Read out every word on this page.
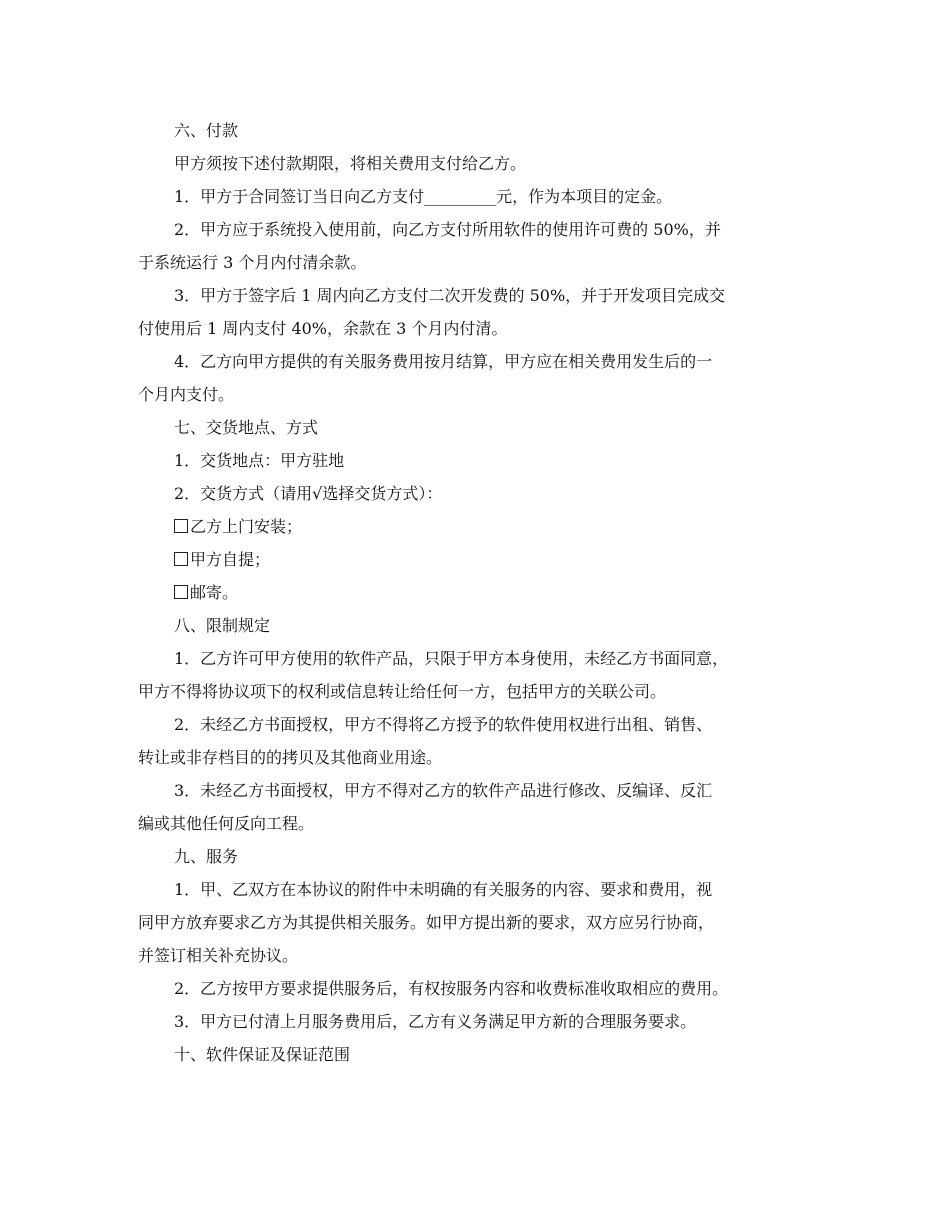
六、付款
甲方须按下述付款期限，将相关费用支付给乙方。
1．甲方于合同签订当日向乙方支付_________元，作为本项目的定金。
2．甲方应于系统投入使用前，向乙方支付所用软件的使用许可费的 50%，并
于系统运行 3 个月内付清余款。
3．甲方于签字后 1 周内向乙方支付二次开发费的 50%，并于开发项目完成交
付使用后 1 周内支付 40%，余款在 3 个月内付清。
4．乙方向甲方提供的有关服务费用按月结算，甲方应在相关费用发生后的一
个月内支付。
七、交货地点、方式
1．交货地点：甲方驻地
2．交货方式（请用√选择交货方式）：
乙方上门安装；
甲方自提；
邮寄。
八、限制规定
1．乙方许可甲方使用的软件产品，只限于甲方本身使用，未经乙方书面同意，
甲方不得将协议项下的权利或信息转让给任何一方，包括甲方的关联公司。
2．未经乙方书面授权，甲方不得将乙方授予的软件使用权进行出租、销售、
转让或非存档目的的拷贝及其他商业用途。
3．未经乙方书面授权，甲方不得对乙方的软件产品进行修改、反编译、反汇
编或其他任何反向工程。
九、服务
1．甲、乙双方在本协议的附件中未明确的有关服务的内容、要求和费用，视
同甲方放弃要求乙方为其提供相关服务。如甲方提出新的要求，双方应另行协商，
并签订相关补充协议。
2．乙方按甲方要求提供服务后，有权按服务内容和收费标准收取相应的费用。
3．甲方已付清上月服务费用后，乙方有义务满足甲方新的合理服务要求。
十、软件保证及保证范围
